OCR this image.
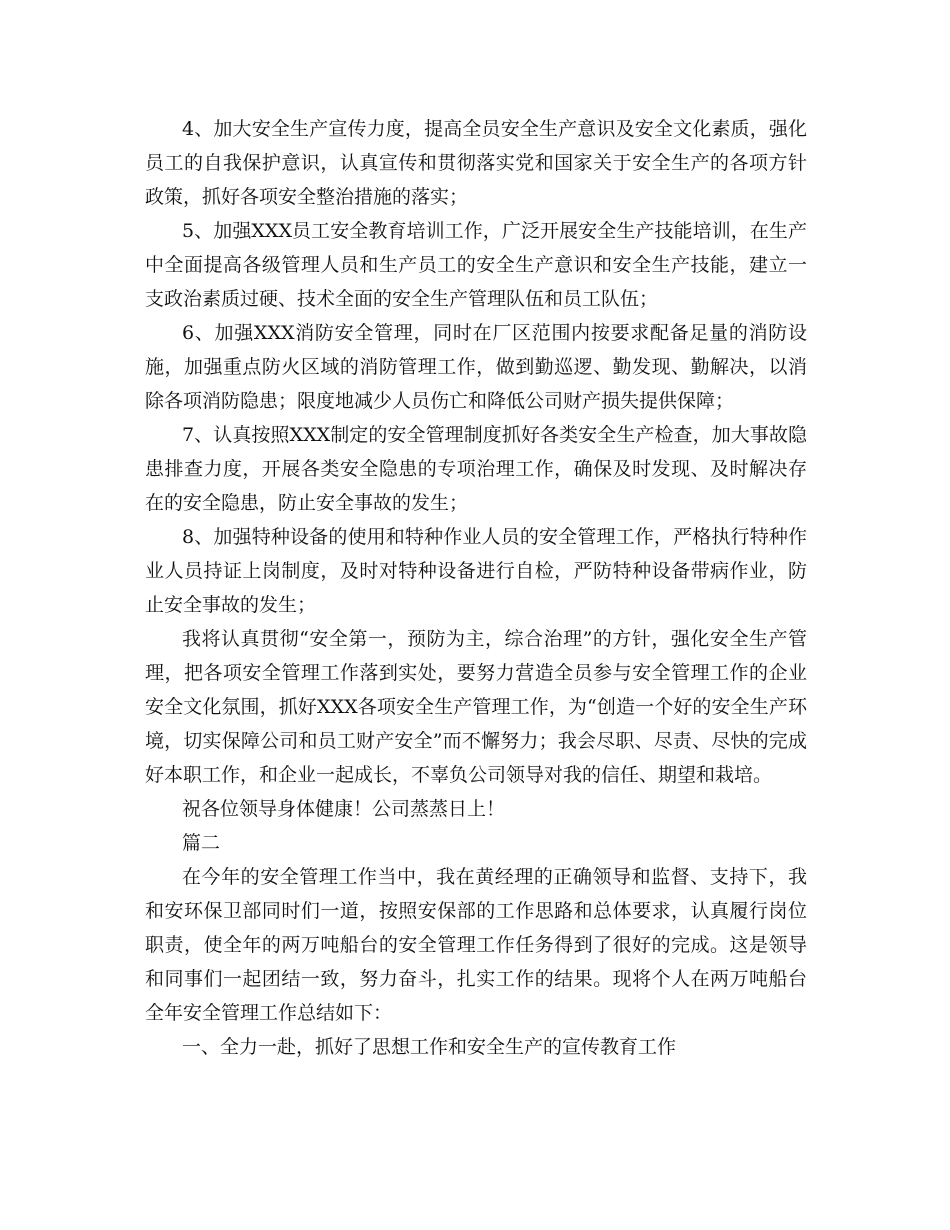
4、加大安全生产宣传力度，提高全员安全生产意识及安全文化素质，强化员工的自我保护意识，认真宣传和贯彻落实党和国家关于安全生产的各项方针政策，抓好各项安全整治措施的落实；

5、加强XXX员工安全教育培训工作，广泛开展安全生产技能培训，在生产中全面提高各级管理人员和生产员工的安全生产意识和安全生产技能，建立一支政治素质过硬、技术全面的安全生产管理队伍和员工队伍；

6、加强XXX消防安全管理，同时在厂区范围内按要求配备足量的消防设施，加强重点防火区域的消防管理工作，做到勤巡逻、勤发现、勤解决，以消除各项消防隐患；限度地减少人员伤亡和降低公司财产损失提供保障；

7、认真按照XXX制定的安全管理制度抓好各类安全生产检查，加大事故隐患排查力度，开展各类安全隐患的专项治理工作，确保及时发现、及时解决存在的安全隐患，防止安全事故的发生；

8、加强特种设备的使用和特种作业人员的安全管理工作，严格执行特种作业人员持证上岗制度，及时对特种设备进行自检，严防特种设备带病作业，防止安全事故的发生；

我将认真贯彻“安全第一，预防为主，综合治理”的方针，强化安全生产管理，把各项安全管理工作落到实处，要努力营造全员参与安全管理工作的企业安全文化氛围，抓好XXX各项安全生产管理工作，为“创造一个好的安全生产环境，切实保障公司和员工财产安全”而不懈努力；我会尽职、尽责、尽快的完成好本职工作，和企业一起成长，不辜负公司领导对我的信任、期望和栽培。

祝各位领导身体健康！公司蒸蒸日上！

篇二

在今年的安全管理工作当中，我在黄经理的正确领导和监督、支持下，我和安环保卫部同时们一道，按照安保部的工作思路和总体要求，认真履行岗位职责，使全年的两万吨船台的安全管理工作任务得到了很好的完成。这是领导和同事们一起团结一致，努力奋斗，扎实工作的结果。现将个人在两万吨船台全年安全管理工作总结如下：

一、全力一赴，抓好了思想工作和安全生产的宣传教育工作
